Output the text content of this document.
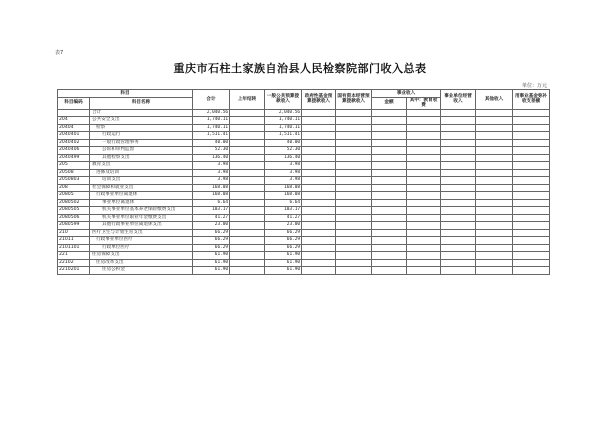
表7
重庆市石柱土家族自治县人民检察院部门收入总表
单位：万元
科目		合计	上年结转	一般公共预算拨款收入	政府性基金预算拨款收入	国有资本经营预算拨款收入	事业收入		事业单位经营收入	其他收入	用事业基金弥补收支差额
科目编码	科目名称						金额	其中：教育收费			

	合计	2,040.56		2,040.56							
204	公共安全支出	1,740.11		1,740.11							
20404	检察	1,740.11		1,740.11							
2040401	行政运行	1,511.41		1,511.41							
2040402	一般行政管理事务	40.00		40.00							
2040406	公诉和审判监督	52.30		52.30							
2040499	其他检察支出	136.40		136.40							
205	教育支出	3.98		3.98							
20508	进修及培训	3.98		3.98							
2050803	培训支出	3.98		3.98							
208	社会保障和就业支出	168.08		168.08							
20805	行政事业单位离退休	168.08		168.08							
2080502	事业单位离退休	6.64		6.64							
2080505	机关事业单位基本养老保险缴费支出	103.17		103.17							
2080506	机关事业单位职业年金缴费支出	41.27		41.27							
2080599	其他行政事业单位离退休支出	23.00		23.00							
210	医疗卫生与计划生育支出	66.29		66.29							
21011	行政事业单位医疗	66.29		66.29							
2101101	行政单位医疗	66.29		66.29							
221	住房保障支出	61.90		61.90							
22102	住房改革支出	61.90		61.90							
2210201	住房公积金	61.90		61.90							
